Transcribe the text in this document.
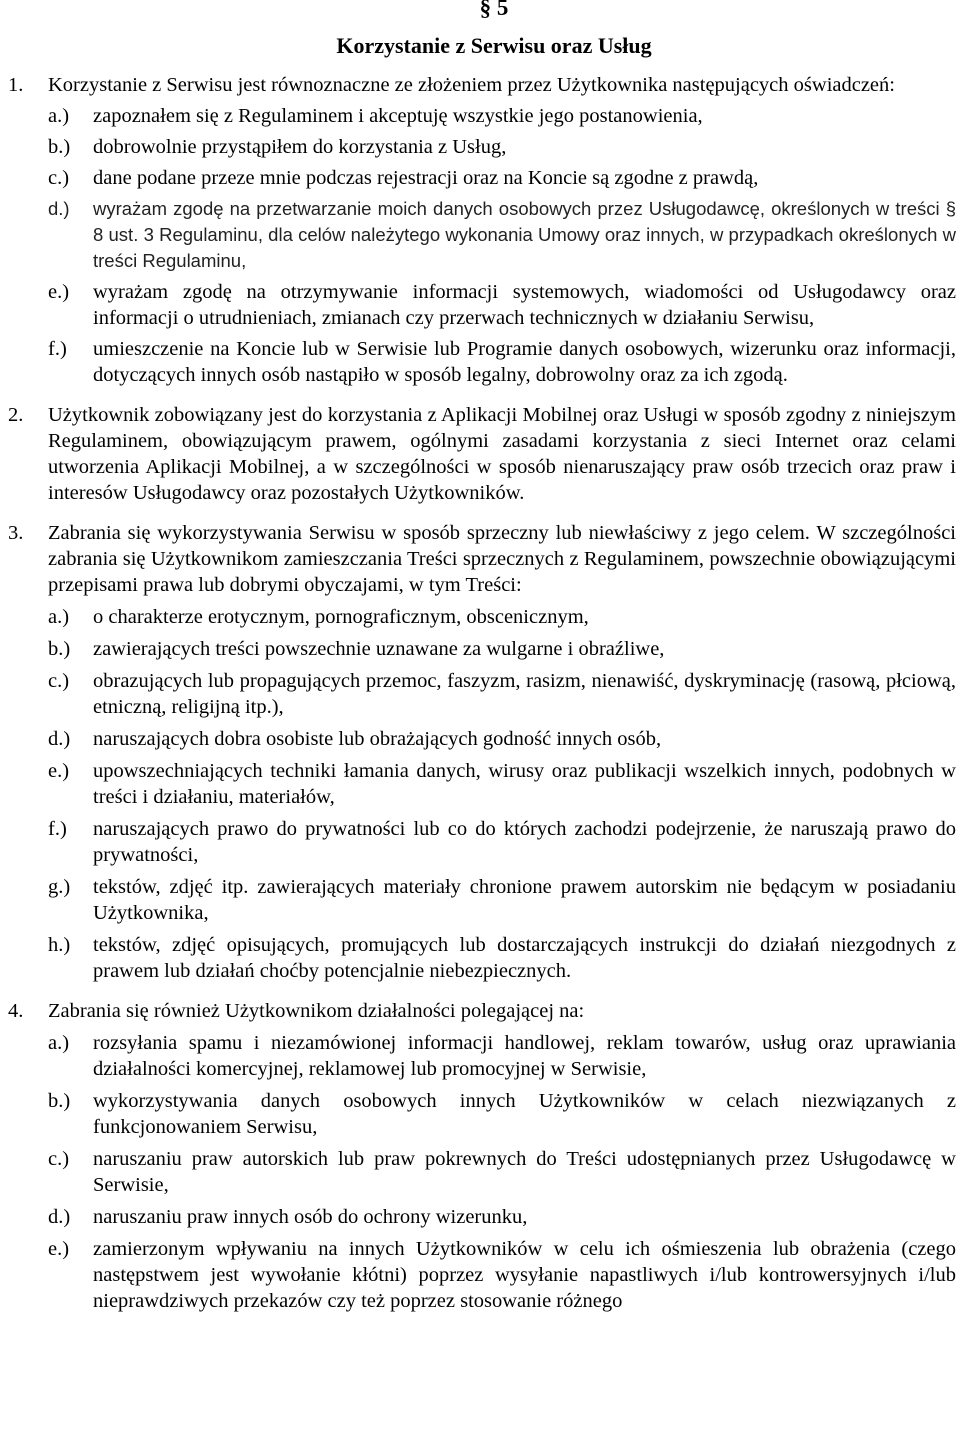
§ 5
Korzystanie z Serwisu oraz Usług
1. Korzystanie z Serwisu jest równoznaczne ze złożeniem przez Użytkownika następujących oświadczeń:
a.) zapoznałem się z Regulaminem i akceptuję wszystkie jego postanowienia,
b.) dobrowolnie przystąpiłem do korzystania z Usług,
c.) dane podane przeze mnie podczas rejestracji oraz na Koncie są zgodne z prawdą,
d.) wyrażam zgodę na przetwarzanie moich danych osobowych przez Usługodawcę, określonych w treści § 8 ust. 3 Regulaminu, dla celów należytego wykonania Umowy oraz innych, w przypadkach określonych w treści Regulaminu,
e.) wyrażam zgodę na otrzymywanie informacji systemowych, wiadomości od Usługodawcy oraz informacji o utrudnieniach, zmianach czy przerwach technicznych w działaniu Serwisu,
f.) umieszczenie na Koncie lub w Serwisie lub Programie danych osobowych, wizerunku oraz informacji, dotyczących innych osób nastąpiło w sposób legalny, dobrowolny oraz za ich zgodą.
2. Użytkownik zobowiązany jest do korzystania z Aplikacji Mobilnej oraz Usługi w sposób zgodny z niniejszym Regulaminem, obowiązującym prawem, ogólnymi zasadami korzystania z sieci Internet oraz celami utworzenia Aplikacji Mobilnej, a w szczególności w sposób nienaruszający praw osób trzecich oraz praw i interesów Usługodawcy oraz pozostałych Użytkowników.
3. Zabrania się wykorzystywania Serwisu w sposób sprzeczny lub niewłaściwy z jego celem. W szczególności zabrania się Użytkownikom zamieszczania Treści sprzecznych z Regulaminem, powszechnie obowiązującymi przepisami prawa lub dobrymi obyczajami, w tym Treści:
a.) o charakterze erotycznym, pornograficznym, obscenicznym,
b.) zawierających treści powszechnie uznawane za wulgarne i obraźliwe,
c.) obrazujących lub propagujących przemoc, faszyzm, rasizm, nienawiść, dyskryminację (rasową, płciową, etniczną, religijną itp.),
d.) naruszających dobra osobiste lub obrażających godność innych osób,
e.) upowszechniających techniki łamania danych, wirusy oraz publikacji wszelkich innych, podobnych w treści i działaniu, materiałów,
f.) naruszających prawo do prywatności lub co do których zachodzi podejrzenie, że naruszają prawo do prywatności,
g.) tekstów, zdjęć itp. zawierających materiały chronione prawem autorskim nie będącym w posiadaniu Użytkownika,
h.) tekstów, zdjęć opisujących, promujących lub dostarczających instrukcji do działań niezgodnych z prawem lub działań choćby potencjalnie niebezpiecznych.
4. Zabrania się również Użytkownikom działalności polegającej na:
a.) rozsyłania spamu i niezamówionej informacji handlowej, reklam towarów, usług oraz uprawiania działalności komercyjnej, reklamowej lub promocyjnej w Serwisie,
b.) wykorzystywania danych osobowych innych Użytkowników w celach niezwiązanych z funkcjonowaniem Serwisu,
c.) naruszaniu praw autorskich lub praw pokrewnych do Treści udostępnianych przez Usługodawcę w Serwisie,
d.) naruszaniu praw innych osób do ochrony wizerunku,
e.) zamierzonym wpływaniu na innych Użytkowników w celu ich ośmieszenia lub obrażenia (czego następstwem jest wywołanie kłótni) poprzez wysyłanie napastliwych i/lub kontrowersyjnych i/lub nieprawdziwych przekazów czy też poprzez stosowanie różnego
